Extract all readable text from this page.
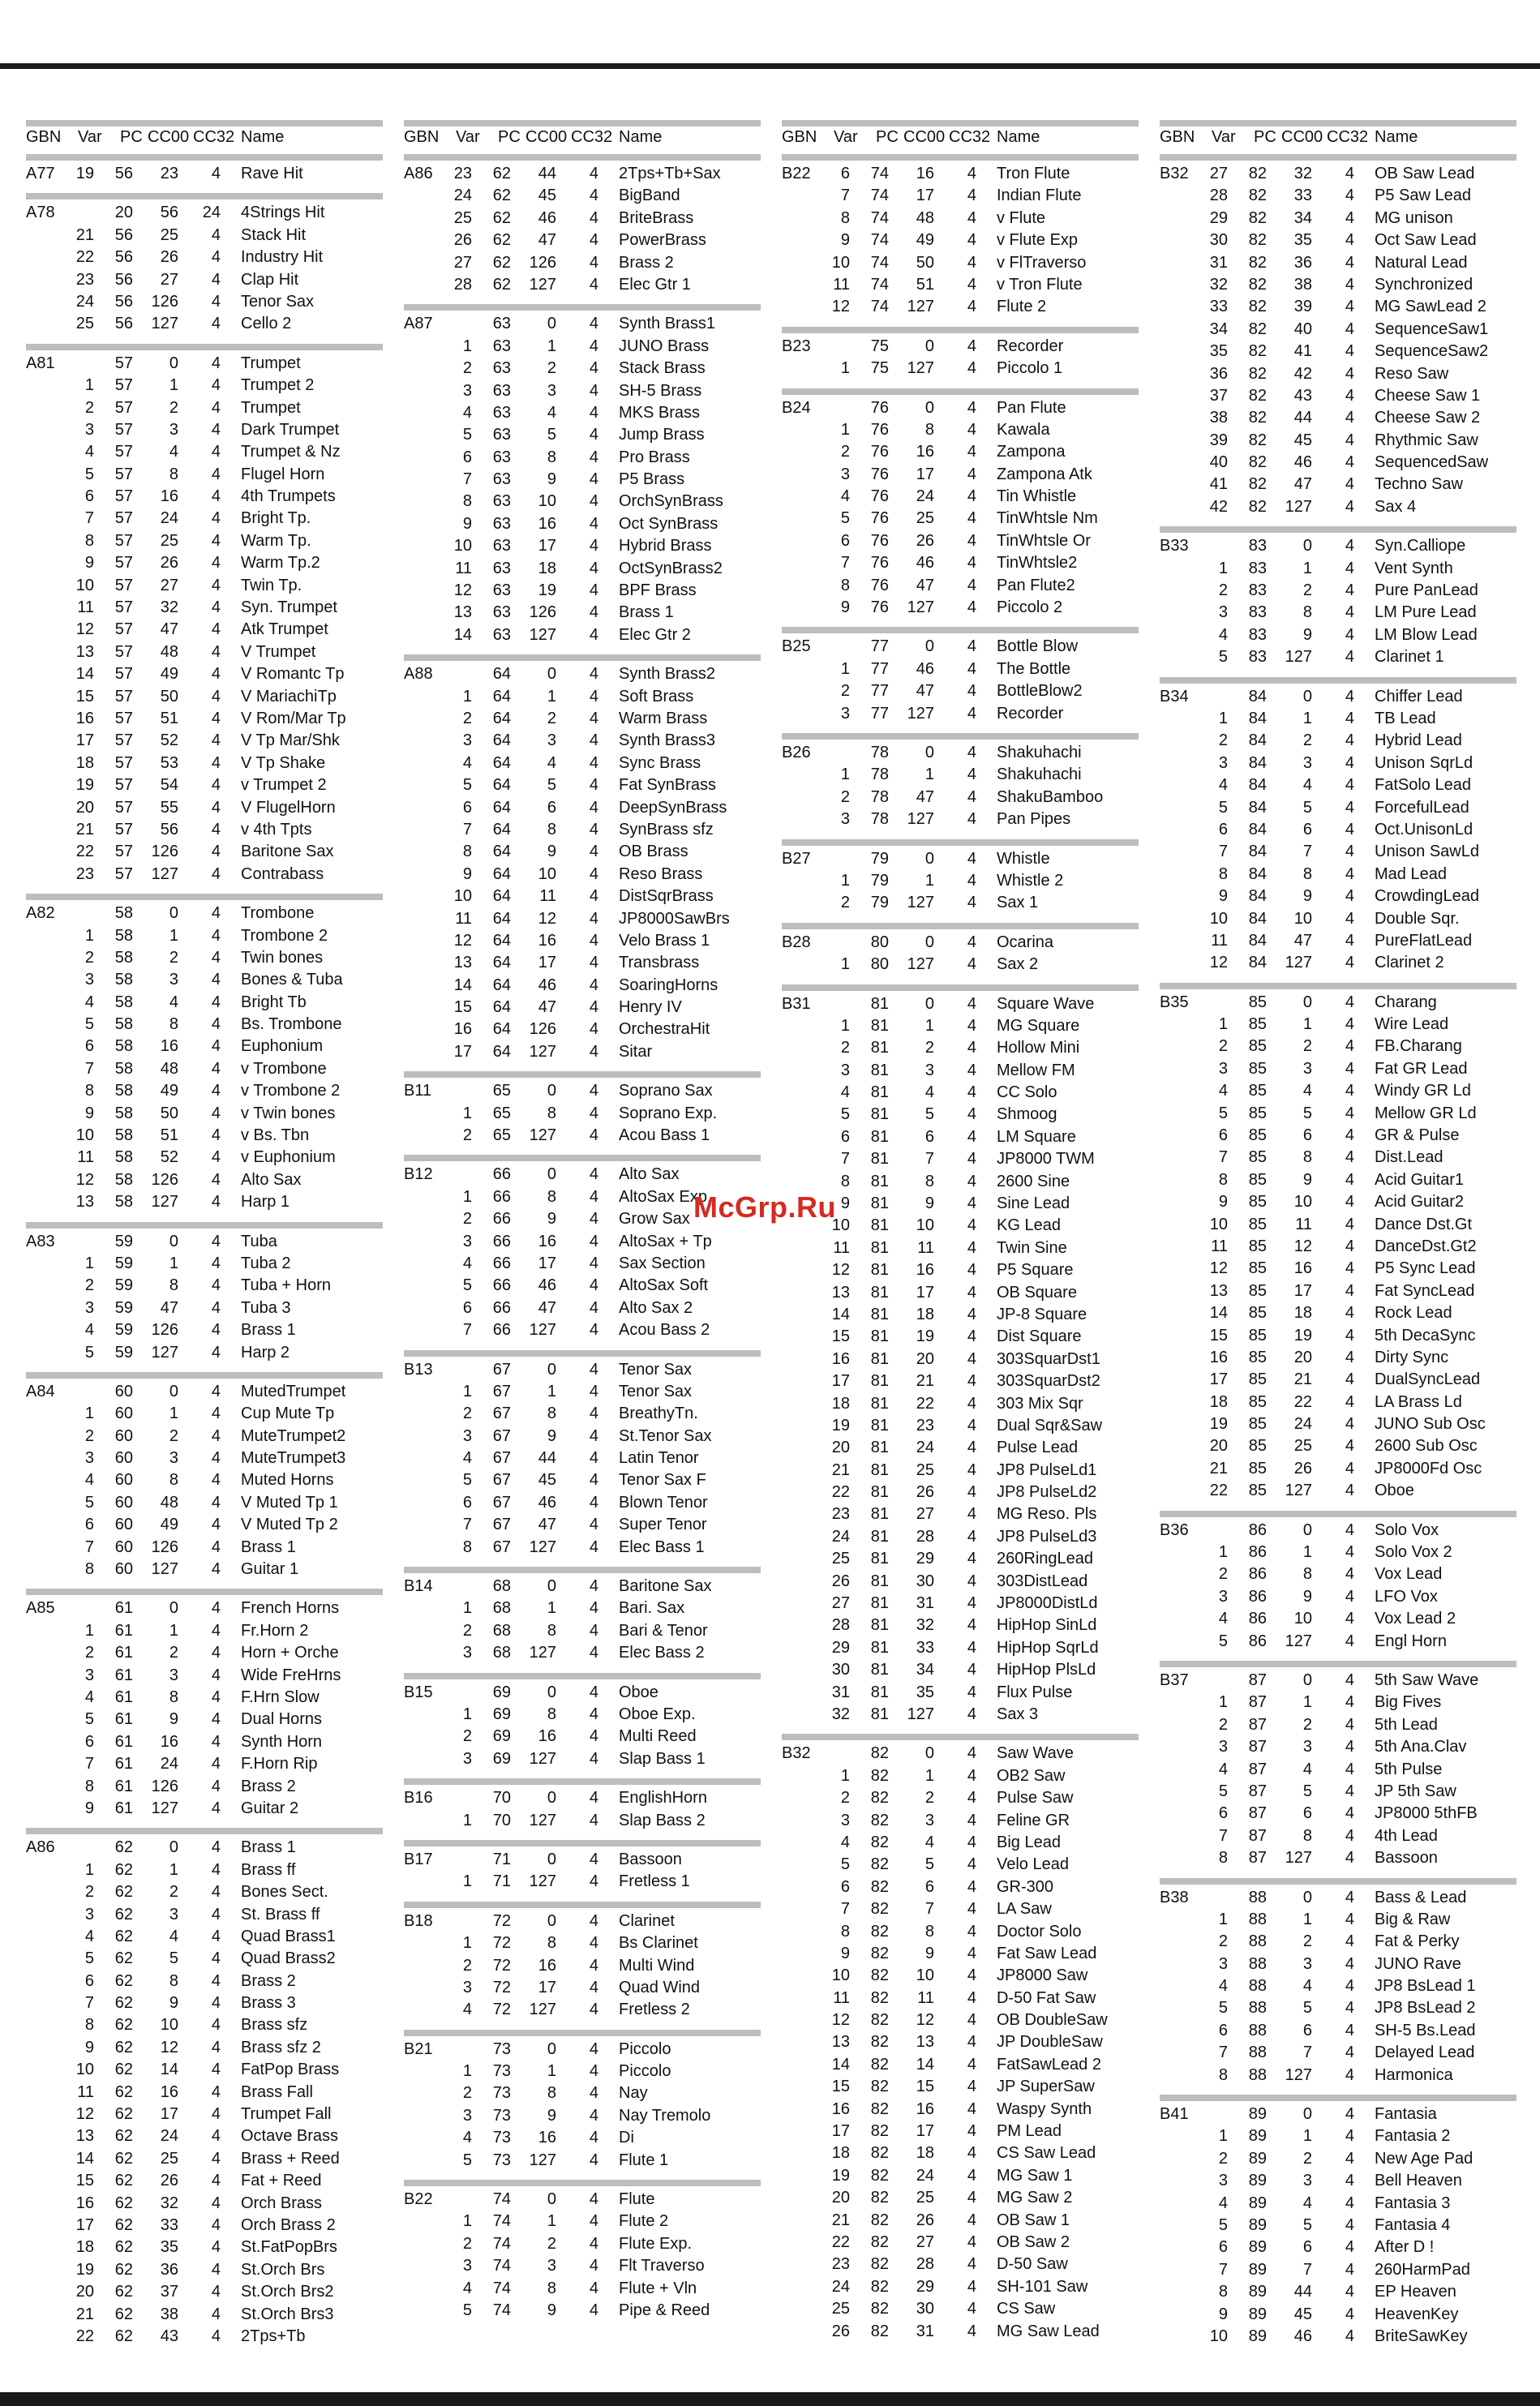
GBN Var	PC CC00 CC32 Name
A77	19	56	23	4 Rave Hit
A78	20	56	24 4Strings Hit
21	56	25	4 Stack Hit
22	56	26	4 Industry Hit
23	56	27	4 Clap Hit
24	56	126	4 Tenor Sax
25	56	127	4 Cello 2
A81	57	0	4 Trumpet
1	57	1	4 Trumpet 2
2	57	2	4 Trumpet
3	57	3	4 Dark Trumpet
4	57	4	4 Trumpet & Nz
5	57	8	4 Flugel Horn
6	57	16	4 4th Trumpets
7	57	24	4 Bright Tp.
8	57	25	4 Warm Tp.
9	57	26	4 Warm Tp.2
10	57	27	4 Twin Tp.
11	57	32	4 Syn. Trumpet
12	57	47	4 Atk Trumpet
13	57	48	4 V Trumpet
14	57	49	4 V Romantc Tp
15	57	50	4 V MariachiTp
16	57	51	4 V Rom/Mar Tp
17	57	52	4 V Tp Mar/Shk
18	57	53	4 V Tp Shake
19	57	54	4 v Trumpet 2
20	57	55	4 V FlugelHorn
21	57	56	4 v 4th Tpts
22	57	126	4 Baritone Sax
23	57	127	4 Contrabass
A82	58	0	4 Trombone
1	58	1	4 Trombone 2
2	58	2	4 Twin bones
3	58	3	4 Bones & Tuba
4	58	4	4 Bright Tb
5	58	8	4 Bs. Trombone
6	58	16	4 Euphonium
7	58	48	4 v Trombone
8	58	49	4 v Trombone 2
9	58	50	4 v Twin bones
10	58	51	4 v Bs. Tbn
11	58	52	4 v Euphonium
12	58	126	4 Alto Sax
13	58	127	4 Harp 1
A83	59	0	4 Tuba
1	59	1	4 Tuba 2
2	59	8	4 Tuba + Horn
3	59	47	4 Tuba 3
4	59	126	4 Brass 1
5	59	127	4 Harp 2
A84	60	0	4 MutedTrumpet
1	60	1	4 Cup Mute Tp
2	60	2	4 MuteTrumpet2
3	60	3	4 MuteTrumpet3
4	60	8	4 Muted Horns
5	60	48	4 V Muted Tp 1
6	60	49	4 V Muted Tp 2
7	60	126	4 Brass 1
8	60	127	4 Guitar 1
A85	61	0	4 French Horns
1	61	1	4 Fr.Horn 2
2	61	2	4 Horn + Orche
3	61	3	4 Wide FreHrns
4	61	8	4 F.Hrn Slow
5	61	9	4 Dual Horns
6	61	16	4 Synth Horn
7	61	24	4 F.Horn Rip
8	61	126	4 Brass 2
9	61	127	4 Guitar 2
A86	62	0	4 Brass 1
1	62	1	4 Brass ff
2	62	2	4 Bones Sect.
3	62	3	4 St. Brass ff
4	62	4	4 Quad Brass1
5	62	5	4 Quad Brass2
6	62	8	4 Brass 2
7	62	9	4 Brass 3
8	62	10	4 Brass sfz
9	62	12	4 Brass sfz 2
10	62	14	4 FatPop Brass
11	62	16	4 Brass Fall
12	62	17	4 Trumpet Fall
13	62	24	4 Octave Brass
14	62	25	4 Brass + Reed
15	62	26	4 Fat + Reed
16	62	32	4 Orch Brass
17	62	33	4 Orch Brass 2
18	62	35	4 St.FatPopBrs
19	62	36	4 St.Orch Brs
20	62	37	4 St.Orch Brs2
21	62	38	4 St.Orch Brs3
22	62	43	4 2Tps+Tb
GBN Var	PC CC00 CC32 Name
A86	23	62	44	4 2Tps+Tb+Sax
24	62	45	4 BigBand
25	62	46	4 BriteBrass
26	62	47	4 PowerBrass
27	62	126	4 Brass 2
28	62	127	4 Elec Gtr 1
A87	63	0	4 Synth Brass1
1	63	1	4 JUNO Brass
2	63	2	4 Stack Brass
3	63	3	4 SH-5 Brass
4	63	4	4 MKS Brass
5	63	5	4 Jump Brass
6	63	8	4 Pro Brass
7	63	9	4 P5 Brass
8	63	10	4 OrchSynBrass
9	63	16	4 Oct SynBrass
10	63	17	4 Hybrid Brass
11	63	18	4 OctSynBrass2
12	63	19	4 BPF Brass
13	63	126	4 Brass 1
14	63	127	4 Elec Gtr 2
A88	64	0	4 Synth Brass2
1	64	1	4 Soft Brass
2	64	2	4 Warm Brass
3	64	3	4 Synth Brass3
4	64	4	4 Sync Brass
5	64	5	4 Fat SynBrass
6	64	6	4 DeepSynBrass
7	64	8	4 SynBrass sfz
8	64	9	4 OB Brass
9	64	10	4 Reso Brass
10	64	11	4 DistSqrBrass
11	64	12	4 JP8000SawBrs
12	64	16	4 Velo Brass 1
13	64	17	4 Transbrass
14	64	46	4 SoaringHorns
15	64	47	4 Henry IV
16	64	126	4 OrchestraHit
17	64	127	4 Sitar
B11	65	0	4 Soprano Sax
1	65	8	4 Soprano Exp.
2	65	127	4 Acou Bass 1
B12	66	0	4 Alto Sax
1	66	8	4 AltoSax Exp.
2	66	9	4 Grow Sax
3	66	16	4 AltoSax + Tp
4	66	17	4 Sax Section
5	66	46	4 AltoSax Soft
6	66	47	4 Alto Sax 2
7	66	127	4 Acou Bass 2
B13	67	0	4 Tenor Sax
1	67	1	4 Tenor Sax
2	67	8	4 BreathyTn.
3	67	9	4 St.Tenor Sax
4	67	44	4 Latin Tenor
5	67	45	4 Tenor Sax F
6	67	46	4 Blown Tenor
7	67	47	4 Super Tenor
8	67	127	4 Elec Bass 1
B14	68	0	4 Baritone Sax
1	68	1	4 Bari. Sax
2	68	8	4 Bari & Tenor
3	68	127	4 Elec Bass 2
B15	69	0	4 Oboe
1	69	8	4 Oboe Exp.
2	69	16	4 Multi Reed
3	69	127	4 Slap Bass 1
B16	70	0	4 EnglishHorn
1	70	127	4 Slap Bass 2
B17	71	0	4 Bassoon
1	71	127	4 Fretless 1
B18	72	0	4 Clarinet
1	72	8	4 Bs Clarinet
2	72	16	4 Multi Wind
3	72	17	4 Quad Wind
4	72	127	4 Fretless 2
B21	73	0	4 Piccolo
1	73	1	4 Piccolo
2	73	8	4 Nay
3	73	9	4 Nay Tremolo
4	73	16	4 Di
5	73	127	4 Flute 1
B22	74	0	4 Flute
1	74	1	4 Flute 2
2	74	2	4 Flute Exp.
3	74	3	4 Flt Traverso
4	74	8	4 Flute + Vln
5	74	9	4 Pipe & Reed
GBN Var	PC CC00 CC32 Name
B22	6	74	16	4 Tron Flute
7	74	17	4 Indian Flute
8	74	48	4 v Flute
9	74	49	4 v Flute Exp
10	74	50	4 v FlTraverso
11	74	51	4 v Tron Flute
12	74	127	4 Flute 2
B23	75	0	4 Recorder
1	75	127	4 Piccolo 1
B24	76	0	4 Pan Flute
1	76	8	4 Kawala
2	76	16	4 Zampona
3	76	17	4 Zampona Atk
4	76	24	4 Tin Whistle
5	76	25	4 TinWhtsle Nm
6	76	26	4 TinWhtsle Or
7	76	46	4 TinWhtsle2
8	76	47	4 Pan Flute2
9	76	127	4 Piccolo 2
B25	77	0	4 Bottle Blow
1	77	46	4 The Bottle
2	77	47	4 BottleBlow2
3	77	127	4 Recorder
B26	78	0	4 Shakuhachi
1	78	1	4 Shakuhachi
2	78	47	4 ShakuBamboo
3	78	127	4 Pan Pipes
B27	79	0	4 Whistle
1	79	1	4 Whistle 2
2	79	127	4 Sax 1
B28	80	0	4 Ocarina
1	80	127	4 Sax 2
B31	81	0	4 Square Wave
1	81	1	4 MG Square
2	81	2	4 Hollow Mini
3	81	3	4 Mellow FM
4	81	4	4 CC Solo
5	81	5	4 Shmoog
6	81	6	4 LM Square
7	81	7	4 JP8000 TWM
8	81	8	4 2600 Sine
9	81	9	4 Sine Lead
10	81	10	4 KG Lead
11	81	11	4 Twin Sine
12	81	16	4 P5 Square
13	81	17	4 OB Square
14	81	18	4 JP-8 Square
15	81	19	4 Dist Square
16	81	20	4 303SquarDst1
17	81	21	4 303SquarDst2
18	81	22	4 303 Mix Sqr
19	81	23	4 Dual Sqr&Saw
20	81	24	4 Pulse Lead
21	81	25	4 JP8 PulseLd1
22	81	26	4 JP8 PulseLd2
23	81	27	4 MG Reso. Pls
24	81	28	4 JP8 PulseLd3
25	81	29	4 260RingLead
26	81	30	4 303DistLead
27	81	31	4 JP8000DistLd
28	81	32	4 HipHop SinLd
29	81	33	4 HipHop SqrLd
30	81	34	4 HipHop PlsLd
31	81	35	4 Flux Pulse
32	81	127	4 Sax 3
B32	82	0	4 Saw Wave
1	82	1	4 OB2 Saw
2	82	2	4 Pulse Saw
3	82	3	4 Feline GR
4	82	4	4 Big Lead
5	82	5	4 Velo Lead
6	82	6	4 GR-300
7	82	7	4 LA Saw
8	82	8	4 Doctor Solo
9	82	9	4 Fat Saw Lead
10	82	10	4 JP8000 Saw
11	82	11	4 D-50 Fat Saw
12	82	12	4 OB DoubleSaw
13	82	13	4 JP DoubleSaw
14	82	14	4 FatSawLead 2
15	82	15	4 JP SuperSaw
16	82	16	4 Waspy Synth
17	82	17	4 PM Lead
18	82	18	4 CS Saw Lead
19	82	24	4 MG Saw 1
20	82	25	4 MG Saw 2
21	82	26	4 OB Saw 1
22	82	27	4 OB Saw 2
23	82	28	4 D-50 Saw
24	82	29	4 SH-101 Saw
25	82	30	4 CS Saw
26	82	31	4 MG Saw Lead
GBN Var	PC CC00 CC32 Name
B32	27	82	32	4 OB Saw Lead
28	82	33	4 P5 Saw Lead
29	82	34	4 MG unison
30	82	35	4 Oct Saw Lead
31	82	36	4 Natural Lead
32	82	38	4 Synchronized
33	82	39	4 MG SawLead 2
34	82	40	4 SequenceSaw1
35	82	41	4 SequenceSaw2
36	82	42	4 Reso Saw
37	82	43	4 Cheese Saw 1
38	82	44	4 Cheese Saw 2
39	82	45	4 Rhythmic Saw
40	82	46	4 SequencedSaw
41	82	47	4 Techno Saw
42	82	127	4 Sax 4
B33	83	0	4 Syn.Calliope
1	83	1	4 Vent Synth
2	83	2	4 Pure PanLead
3	83	8	4 LM Pure Lead
4	83	9	4 LM Blow Lead
5	83	127	4 Clarinet 1
B34	84	0	4 Chiffer Lead
1	84	1	4 TB Lead
2	84	2	4 Hybrid Lead
3	84	3	4 Unison SqrLd
4	84	4	4 FatSolo Lead
5	84	5	4 ForcefulLead
6	84	6	4 Oct.UnisonLd
7	84	7	4 Unison SawLd
8	84	8	4 Mad Lead
9	84	9	4 CrowdingLead
10	84	10	4 Double Sqr.
11	84	47	4 PureFlatLead
12	84	127	4 Clarinet 2
B35	85	0	4 Charang
1	85	1	4 Wire Lead
2	85	2	4 FB.Charang
3	85	3	4 Fat GR Lead
4	85	4	4 Windy GR Ld
5	85	5	4 Mellow GR Ld
6	85	6	4 GR & Pulse
7	85	8	4 Dist.Lead
8	85	9	4 Acid Guitar1
9	85	10	4 Acid Guitar2
10	85	11	4 Dance Dst.Gt
11	85	12	4 DanceDst.Gt2
12	85	16	4 P5 Sync Lead
13	85	17	4 Fat SyncLead
14	85	18	4 Rock Lead
15	85	19	4 5th DecaSync
16	85	20	4 Dirty Sync
17	85	21	4 DualSyncLead
18	85	22	4 LA Brass Ld
19	85	24	4 JUNO Sub Osc
20	85	25	4 2600 Sub Osc
21	85	26	4 JP8000Fd Osc
22	85	127	4 Oboe
B36	86	0	4 Solo Vox
1	86	1	4 Solo Vox 2
2	86	8	4 Vox Lead
3	86	9	4 LFO Vox
4	86	10	4 Vox Lead 2
5	86	127	4 Engl Horn
B37	87	0	4 5th Saw Wave
1	87	1	4 Big Fives
2	87	2	4 5th Lead
3	87	3	4 5th Ana.Clav
4	87	4	4 5th Pulse
5	87	5	4 JP 5th Saw
6	87	6	4 JP8000 5thFB
7	87	8	4 4th Lead
8	87	127	4 Bassoon
B38	88	0	4 Bass & Lead
1	88	1	4 Big & Raw
2	88	2	4 Fat & Perky
3	88	3	4 JUNO Rave
4	88	4	4 JP8 BsLead 1
5	88	5	4 JP8 BsLead 2
6	88	6	4 SH-5 Bs.Lead
7	88	7	4 Delayed Lead
8	88	127	4 Harmonica
B41	89	0	4 Fantasia
1	89	1	4 Fantasia 2
2	89	2	4 New Age Pad
3	89	3	4 Bell Heaven
4	89	4	4 Fantasia 3
5	89	5	4 Fantasia 4
6	89	6	4 After D !
7	89	7	4 260HarmPad
8	89	44	4 EP Heaven
9	89	45	4 HeavenKey
10	89	46	4 BriteSawKey
McGrp.Ru
